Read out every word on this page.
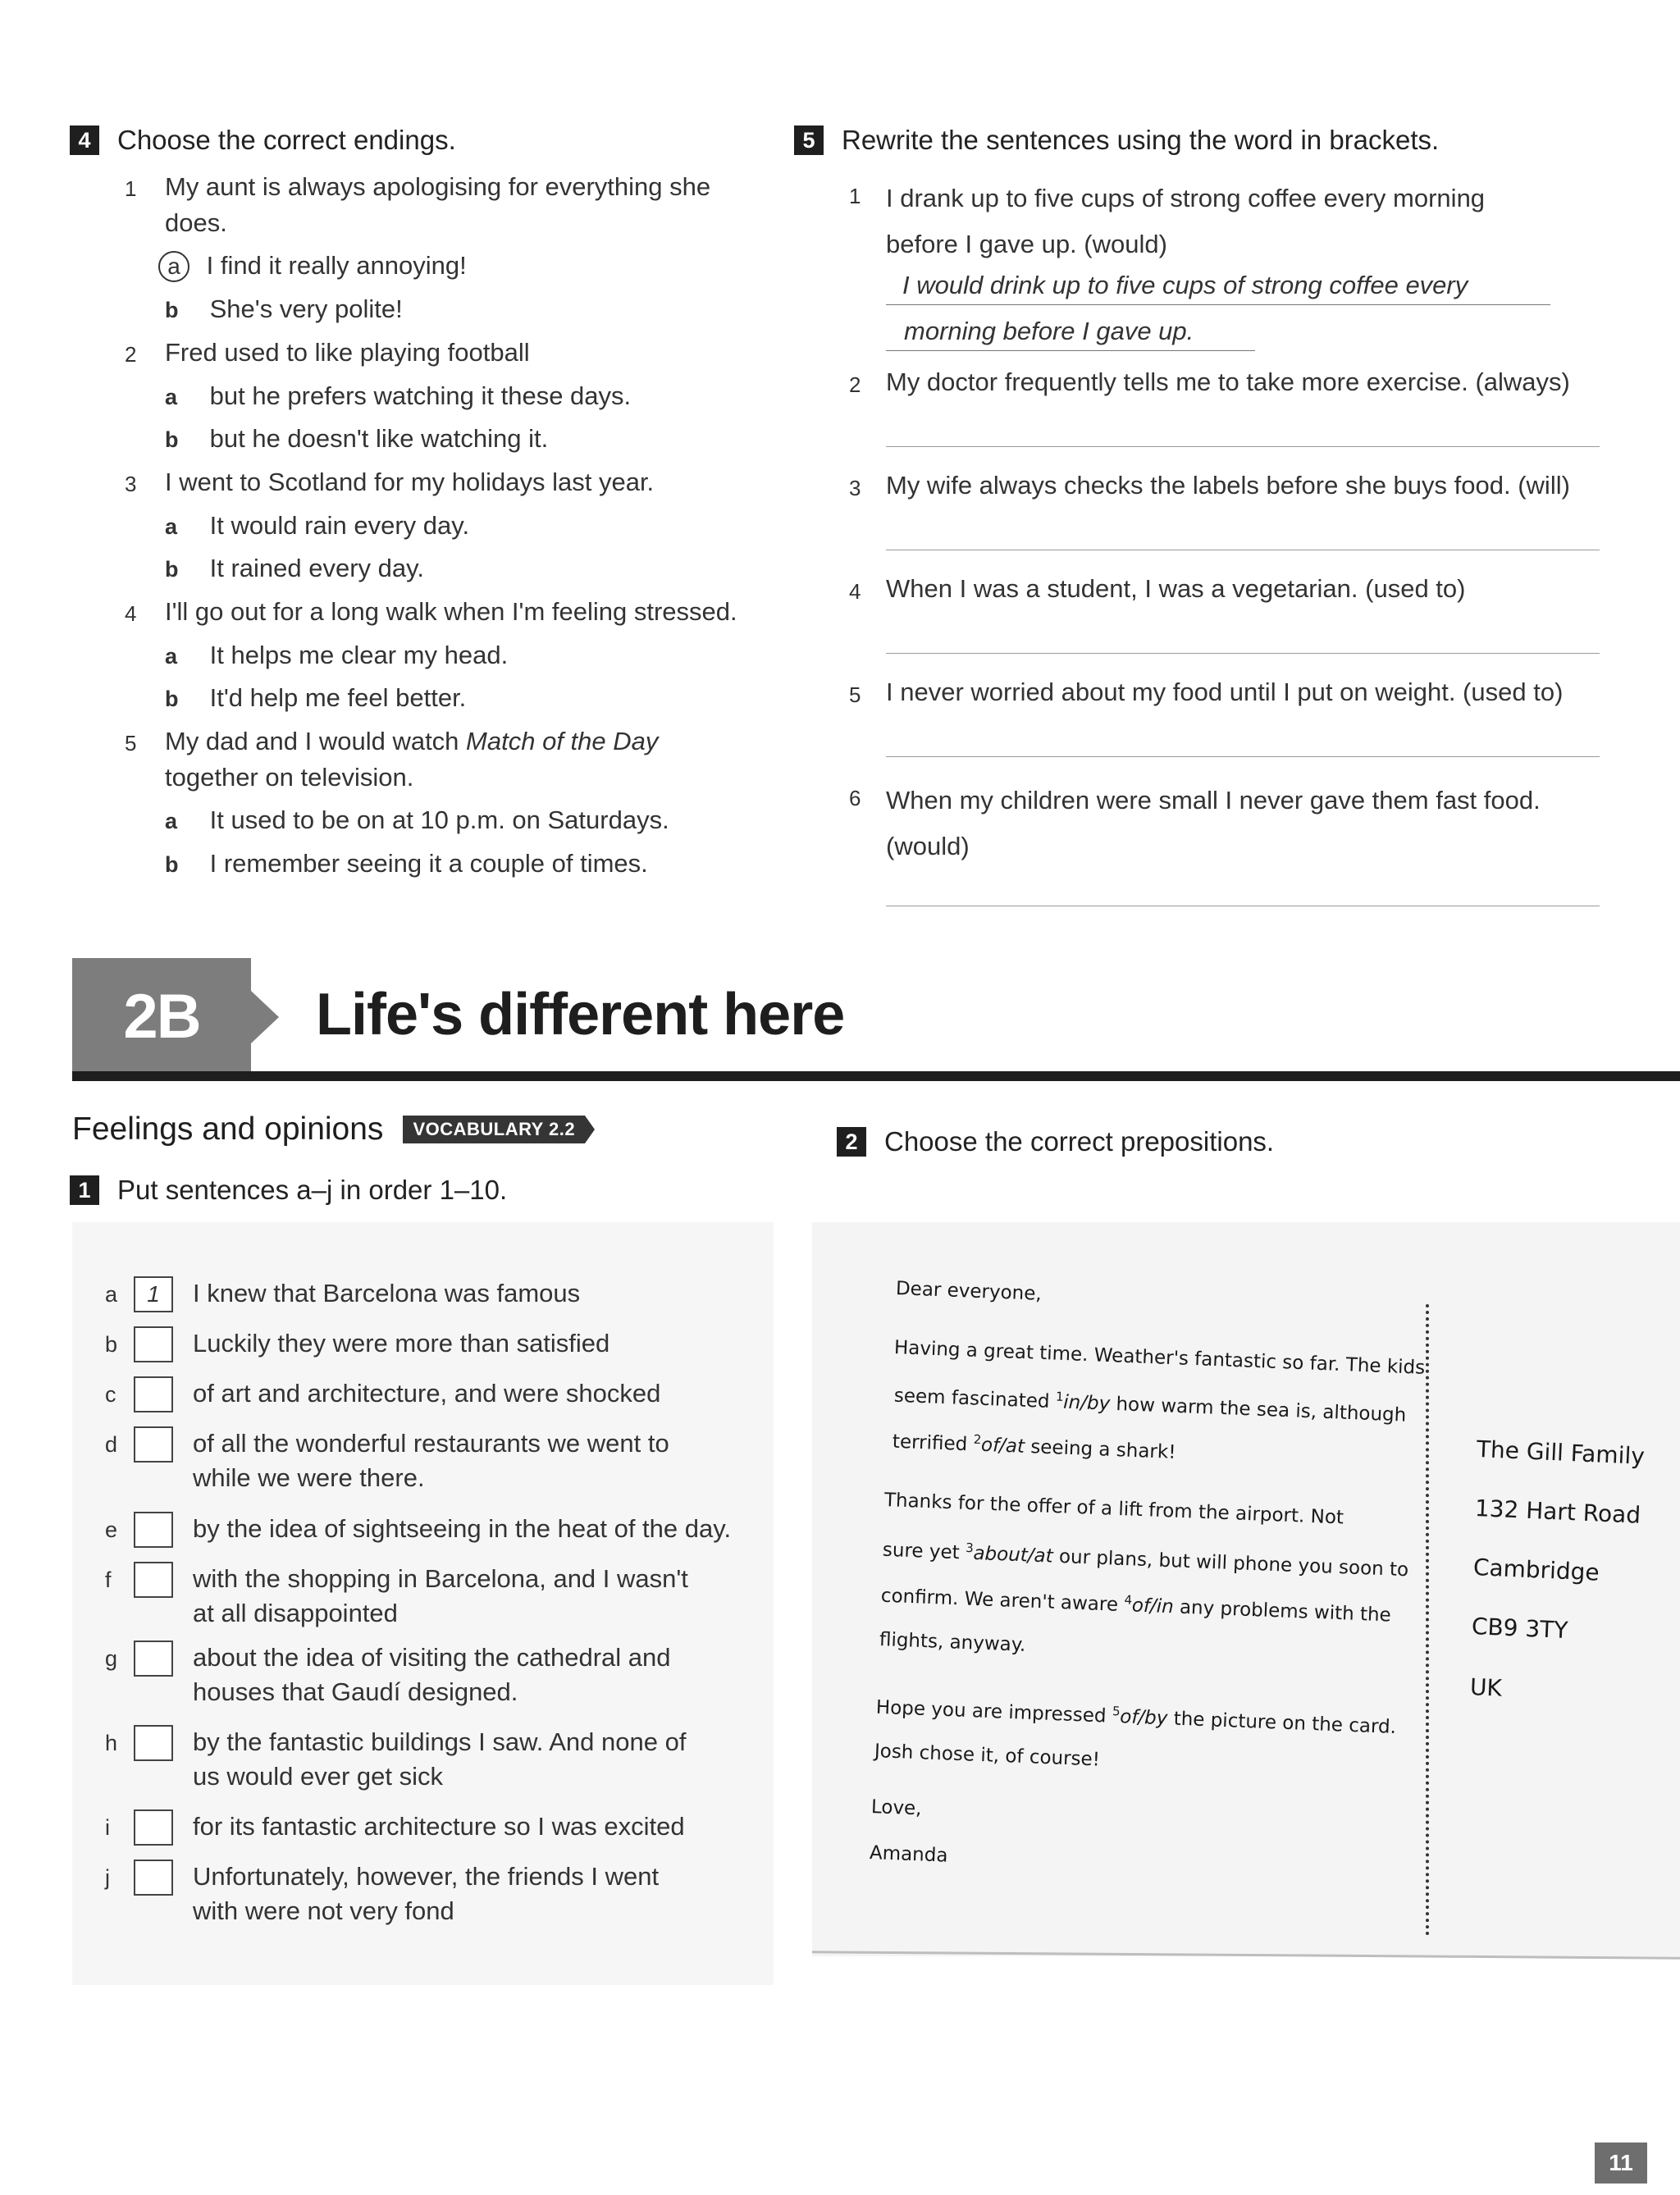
4 Choose the correct endings.
1 My aunt is always apologising for everything she
does.
a I find it really annoying!
b She's very polite!
2 Fred used to like playing football
a but he prefers watching it these days.
b but he doesn't like watching it.
3 I went to Scotland for my holidays last year.
a It would rain every day.
b It rained every day.
4 I'll go out for a long walk when I'm feeling stressed.
a It helps me clear my head.
b It'd help me feel better.
5 My dad and I would watch Match of the Day
together on television.
a It used to be on at 10 p.m. on Saturdays.
b I remember seeing it a couple of times.
5 Rewrite the sentences using the word in brackets.
1 I drank up to five cups of strong coffee every morning
before I gave up. (would)
I would drink up to five cups of strong coffee every
morning before I gave up.
2 My doctor frequently tells me to take more exercise. (always)
3 My wife always checks the labels before she buys food. (will)
4 When I was a student, I was a vegetarian. (used to)
5 I never worried about my food until I put on weight. (used to)
6 When my children were small I never gave them fast food.
(would)
2B	Life's different here
Feelings and opinions	VOCABULARY 2.2
1 Put sentences a–j in order 1–10.
a	1	I knew that Barcelona was famous
b	Luckily they were more than satisfied
c	of art and architecture, and were shocked
d	of all the wonderful restaurants we went to
while we were there.
e	by the idea of sightseeing in the heat of the day.
f	with the shopping in Barcelona, and I wasn't
at all disappointed
g	about the idea of visiting the cathedral and
houses that Gaudí designed.
h	by the fantastic buildings I saw. And none of
us would ever get sick
i	for its fantastic architecture so I was excited
j	Unfortunately, however, the friends I went
with were not very fond
2 Choose the correct prepositions.
Dear everyone,
Having a great time. Weather's fantastic so far. The kids
seem fascinated $^1$in/by how warm the sea is, although
terrified $^2$of/at seeing a shark!
Thanks for the offer of a lift from the airport. Not
sure yet $^3$about/at our plans, but will phone you soon to
confirm. We aren't aware $^4$of/in any problems with the
flights, anyway.
Hope you are impressed $^5$of/by the picture on the card.
Josh chose it, of course!
Love,
Amanda
The Gill Family
132 Hart Road
Cambridge
CB9 3TY
UK
11
